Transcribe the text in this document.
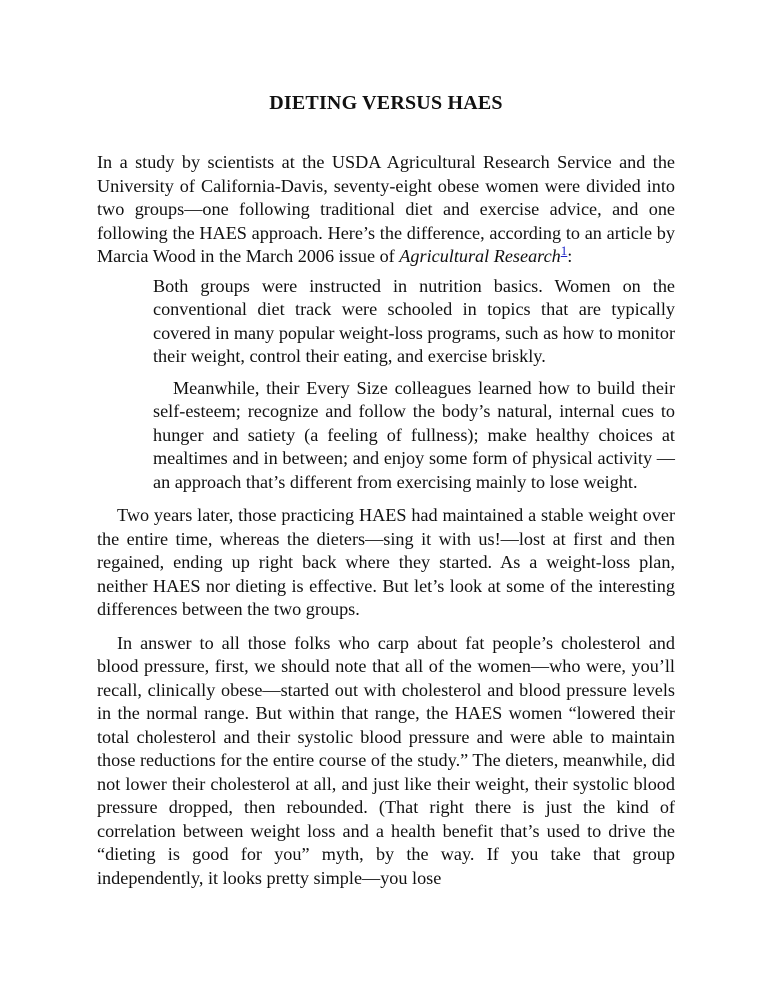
DIETING VERSUS HAES

In a study by scientists at the USDA Agricultural Research Service and the University of California-Davis, seventy-eight obese women were divided into two groups—one following traditional diet and exercise advice, and one following the HAES approach. Here’s the difference, according to an article by Marcia Wood in the March 2006 issue of Agricultural Research$^1$:

Both groups were instructed in nutrition basics. Women on the conventional diet track were schooled in topics that are typically covered in many popular weight-loss programs, such as how to monitor their weight, control their eating, and exercise briskly.

Meanwhile, their Every Size colleagues learned how to build their self-esteem; recognize and follow the body’s natural, internal cues to hunger and satiety (a feeling of fullness); make healthy choices at mealtimes and in between; and enjoy some form of physical activity —an approach that’s different from exercising mainly to lose weight.

Two years later, those practicing HAES had maintained a stable weight over the entire time, whereas the dieters—sing it with us!—lost at first and then regained, ending up right back where they started. As a weight-loss plan, neither HAES nor dieting is effective. But let’s look at some of the interesting differences between the two groups.

In answer to all those folks who carp about fat people’s cholesterol and blood pressure, first, we should note that all of the women—who were, you’ll recall, clinically obese—started out with cholesterol and blood pressure levels in the normal range. But within that range, the HAES women “lowered their total cholesterol and their systolic blood pressure and were able to maintain those reductions for the entire course of the study.” The dieters, meanwhile, did not lower their cholesterol at all, and just like their weight, their systolic blood pressure dropped, then rebounded. (That right there is just the kind of correlation between weight loss and a health benefit that’s used to drive the “dieting is good for you” myth, by the way. If you take that group independently, it looks pretty simple—you lose
